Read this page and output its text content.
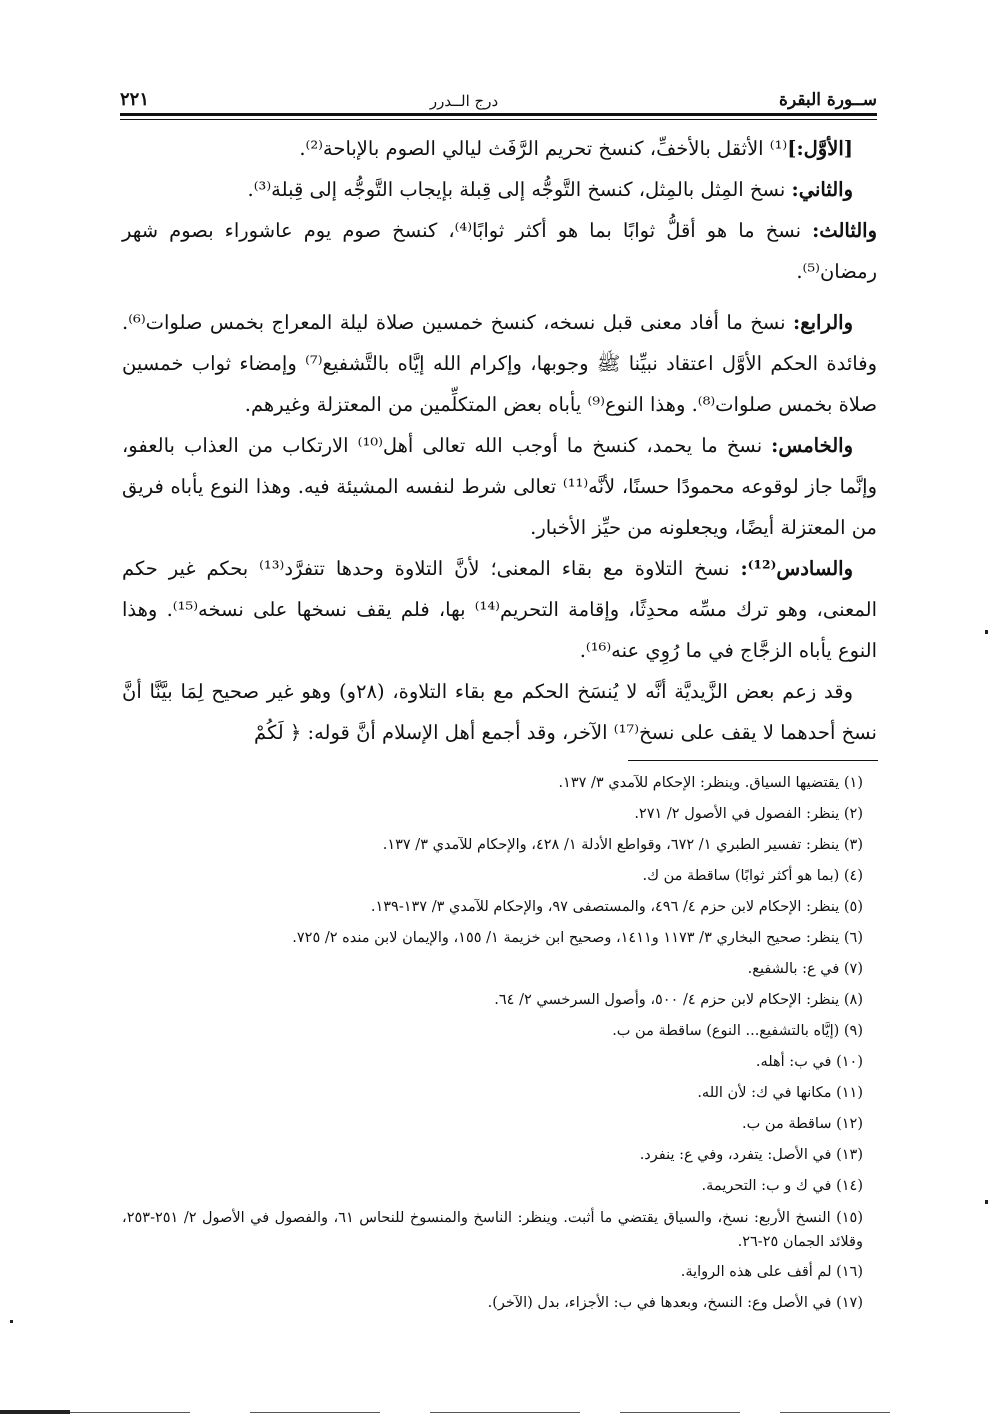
ســورة البقرة
درج الــدرر
٢٢١

[الأوَّل:]⁽¹⁾ الأثقل بالأخفِّ، كنسخ تحريم الرَّفَث ليالي الصوم بالإباحة⁽²⁾.

والثاني: نسخ المِثل بالمِثل، كنسخ التَّوجُّه إلى قِبلة بإيجاب التَّوجُّه إلى قِبلة⁽³⁾.

والثالث: نسخ ما هو أقلُّ ثوابًا بما هو أكثر ثوابًا⁽⁴⁾، كنسخ صوم يوم عاشوراء بصوم شهر رمضان⁽⁵⁾.

والرابع: نسخ ما أفاد معنى قبل نسخه، كنسخ خمسين صلاة ليلة المعراج بخمس صلوات⁽⁶⁾. وفائدة الحكم الأوَّل اعتقاد نبيِّنا ﷺ وجوبها، وإكرام الله إيَّاه بالتَّشفيع⁽⁷⁾ وإمضاء ثواب خمسين صلاة بخمس صلوات⁽⁸⁾. وهذا النوع⁽⁹⁾ يأباه بعض المتكلِّمين من المعتزلة وغيرهم.

والخامس: نسخ ما يحمد، كنسخ ما أوجب الله تعالى أهل⁽¹⁰⁾ الارتكاب من العذاب بالعفو، وإنَّما جاز لوقوعه محمودًا حسنًا، لأنَّه⁽¹¹⁾ تعالى شرط لنفسه المشيئة فيه. وهذا النوع يأباه فريق من المعتزلة أيضًا، ويجعلونه من حيِّز الأخبار.

والسادس⁽¹²⁾: نسخ التلاوة مع بقاء المعنى؛ لأنَّ التلاوة وحدها تتفرَّد⁽¹³⁾ بحكم غير حكم المعنى، وهو ترك مسِّه محدِثًا، وإقامة التحريم⁽¹⁴⁾ بها، فلم يقف نسخها على نسخه⁽¹⁵⁾. وهذا النوع يأباه الزجَّاج في ما رُوِي عنه⁽¹⁶⁾.

وقد زعم بعض الزَّيديَّة أنَّه لا يُنسَخ الحكم مع بقاء التلاوة، (٢٨و) وهو غير صحيح لِمَا بيَّنَّا أنَّ نسخ أحدهما لا يقف على نسخ⁽¹⁷⁾ الآخر، وقد أجمع أهل الإسلام أنَّ قوله: ﴿ لَكُمْ

(١) يقتضيها السياق. وينظر: الإحكام للآمدي ٣/ ١٣٧.
(٢) ينظر: الفصول في الأصول ٢/ ٢٧١.
(٣) ينظر: تفسير الطبري ١/ ٦٧٢، وقواطع الأدلة ١/ ٤٢٨، والإحكام للآمدي ٣/ ١٣٧.
(٤) (بما هو أكثر ثوابًا) ساقطة من ك.
(٥) ينظر: الإحكام لابن حزم ٤/ ٤٩٦، والمستصفى ٩٧، والإحكام للآمدي ٣/ ١٣٧-١٣٩.
(٦) ينظر: صحيح البخاري ٣/ ١١٧٣ و١٤١١، وصحيح ابن خزيمة ١/ ١٥٥، والإيمان لابن منده ٢/ ٧٢٥.
(٧) في ع: بالشفيع.
(٨) ينظر: الإحكام لابن حزم ٤/ ٥٠٠، وأصول السرخسي ٢/ ٦٤.
(٩) (إيَّاه بالتشفيع... النوع) ساقطة من ب.
(١٠) في ب: أهله.
(١١) مكانها في ك: لأن الله.
(١٢) ساقطة من ب.
(١٣) في الأصل: يتفرد، وفي ع: ينفرد.
(١٤) في ك و ب: التحريمة.
(١٥) النسخ الأربع: نسخ، والسياق يقتضي ما أثبت. وينظر: الناسخ والمنسوخ للنحاس ٦١، والفصول في الأصول ٢/ ٢٥١-٢٥٣، وقلائد الجمان ٢٥-٢٦.
(١٦) لم أقف على هذه الرواية.
(١٧) في الأصل وع: النسخ، وبعدها في ب: الأجزاء، بدل (الآخر).
